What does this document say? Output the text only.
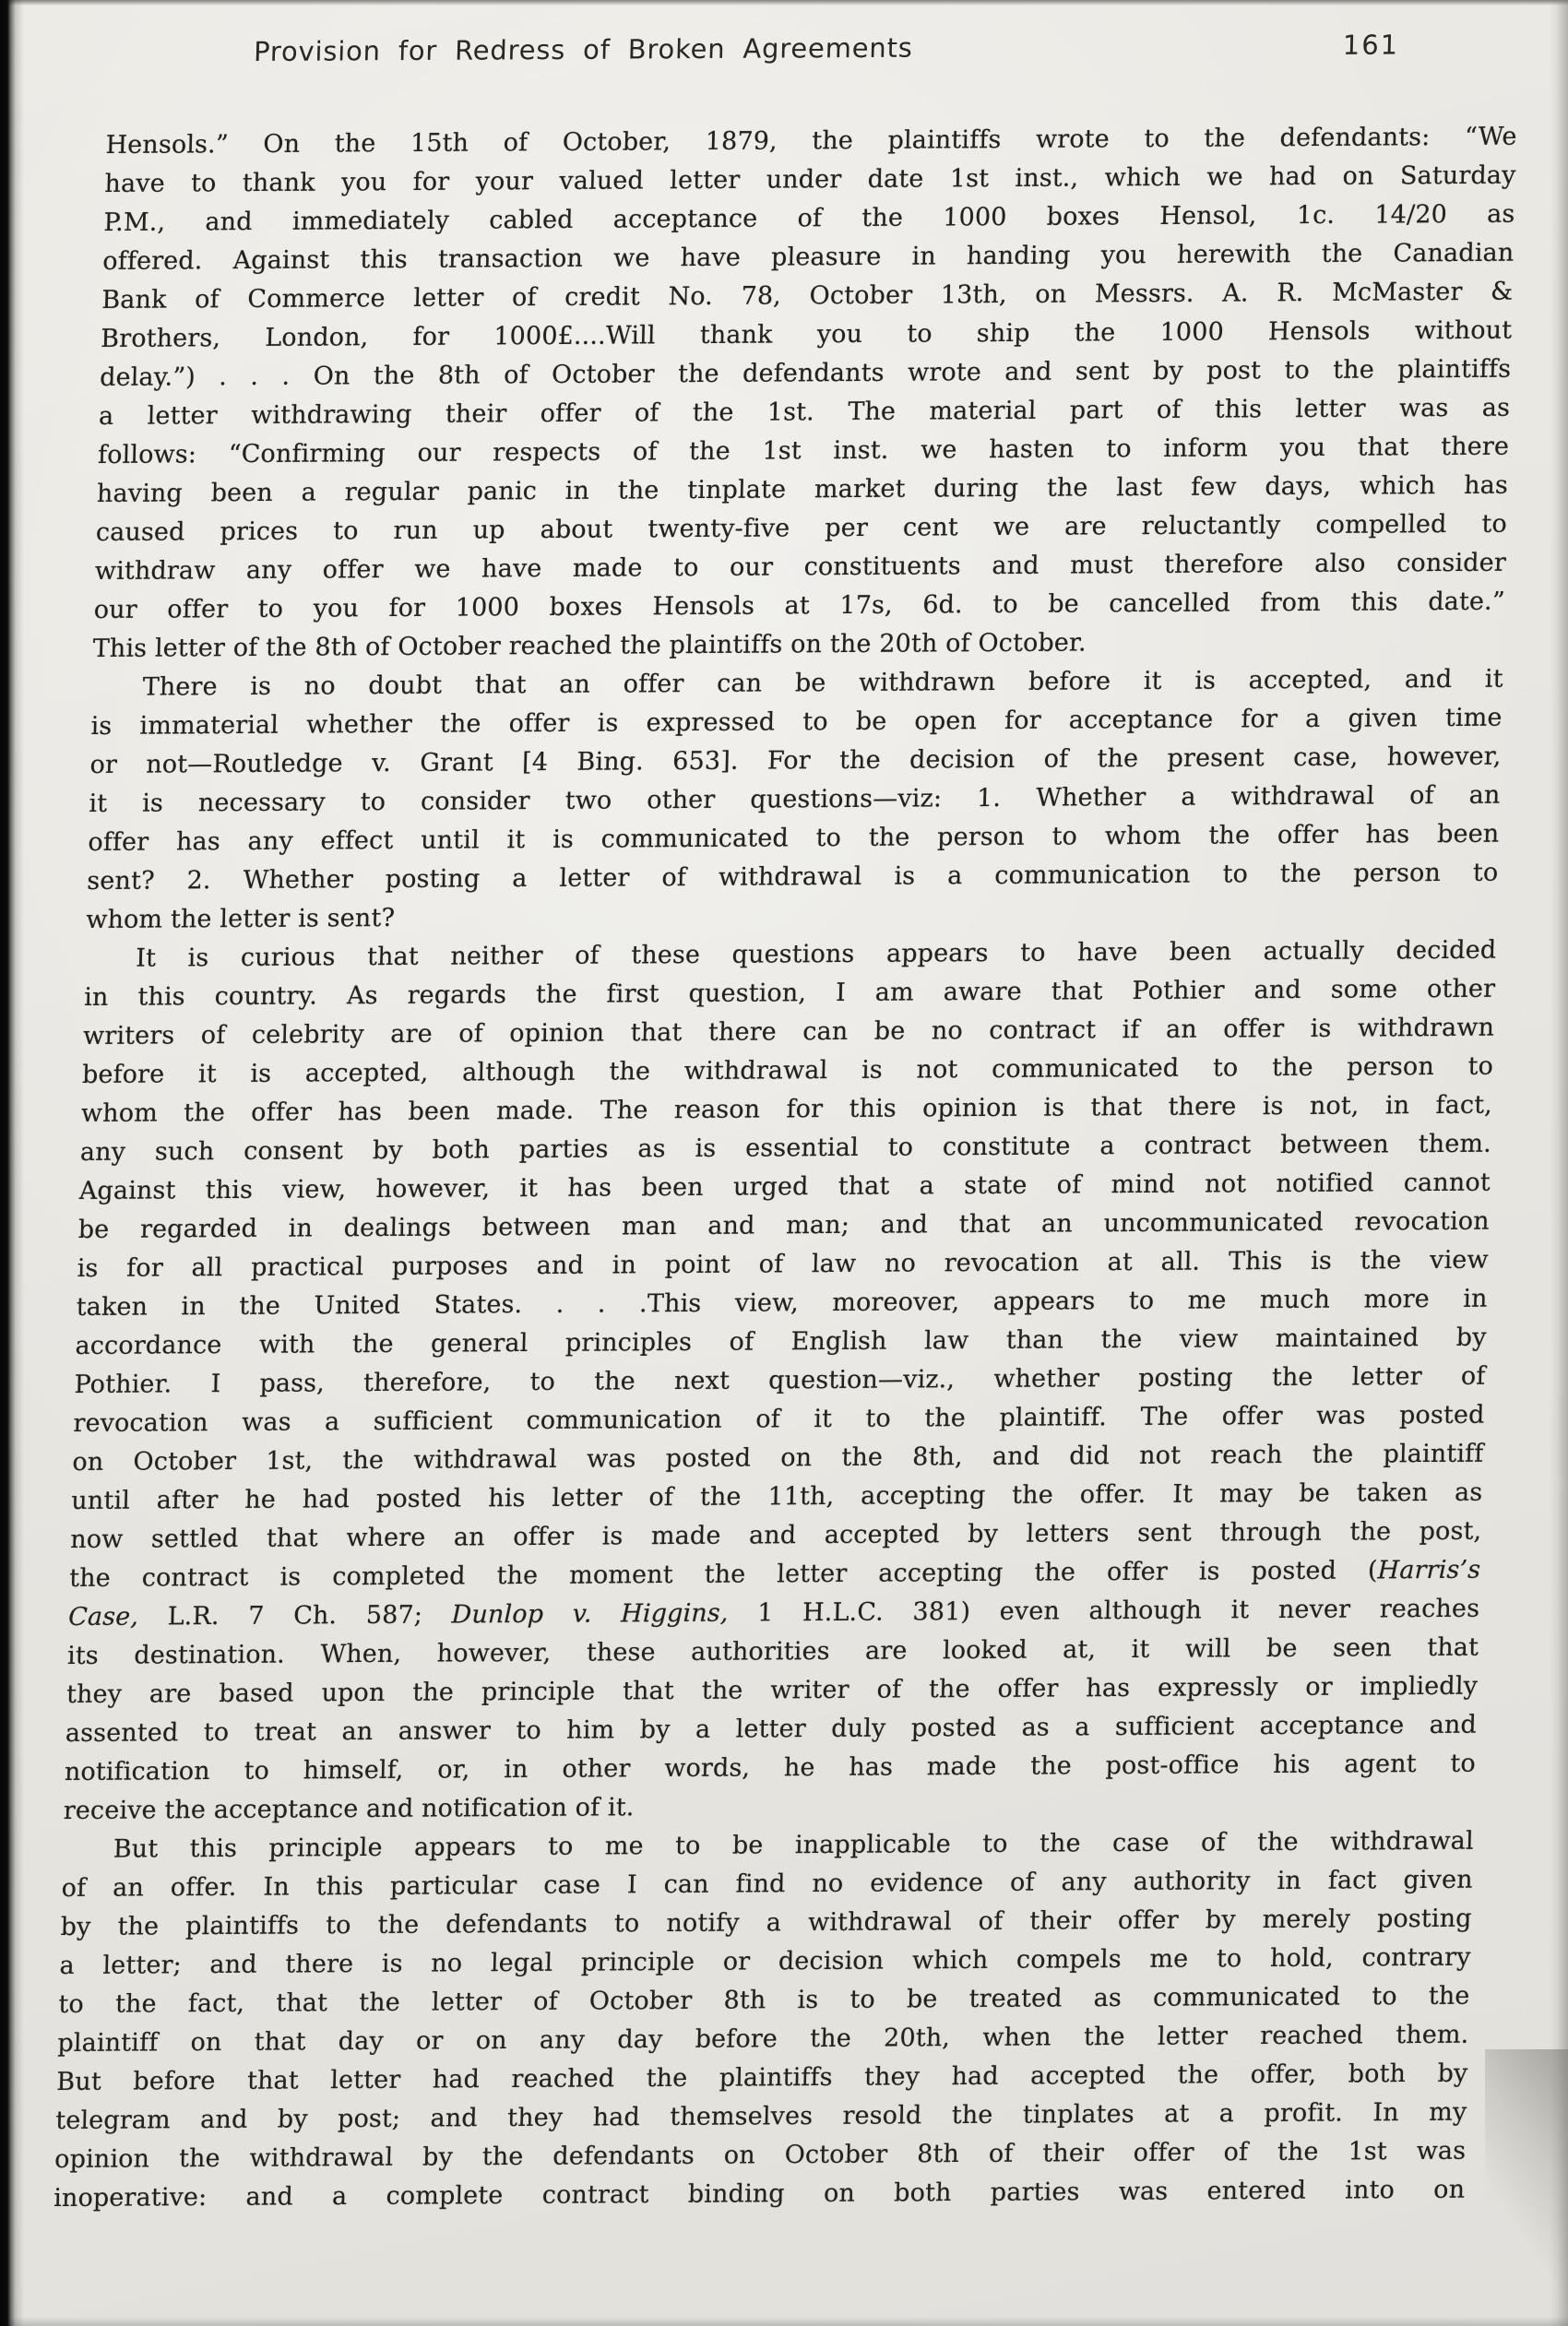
Provision for Redress of Broken Agreements	161
Hensols.” On the 15th of October, 1879, the plaintiffs wrote to the defendants: “We
have to thank you for your valued letter under date 1st inst., which we had on Saturday
P.M., and immediately cabled acceptance of the 1000 boxes Hensol, 1c. 14/20 as
offered. Against this transaction we have pleasure in handing you herewith the Canadian
Bank of Commerce letter of credit No. 78, October 13th, on Messrs. A. R. McMaster &
Brothers, London, for 1000£....Will thank you to ship the 1000 Hensols without
delay.”) . . . On the 8th of October the defendants wrote and sent by post to the plaintiffs
a letter withdrawing their offer of the 1st. The material part of this letter was as
follows: “Confirming our respects of the 1st inst. we hasten to inform you that there
having been a regular panic in the tinplate market during the last few days, which has
caused prices to run up about twenty-five per cent we are reluctantly compelled to
withdraw any offer we have made to our constituents and must therefore also consider
our offer to you for 1000 boxes Hensols at 17s, 6d. to be cancelled from this date.”
This letter of the 8th of October reached the plaintiffs on the 20th of October.
There is no doubt that an offer can be withdrawn before it is accepted, and it
is immaterial whether the offer is expressed to be open for acceptance for a given time
or not—Routledge v. Grant [4 Bing. 653]. For the decision of the present case, however,
it is necessary to consider two other questions—viz: 1. Whether a withdrawal of an
offer has any effect until it is communicated to the person to whom the offer has been
sent? 2. Whether posting a letter of withdrawal is a communication to the person to
whom the letter is sent?
It is curious that neither of these questions appears to have been actually decided
in this country. As regards the first question, I am aware that Pothier and some other
writers of celebrity are of opinion that there can be no contract if an offer is withdrawn
before it is accepted, although the withdrawal is not communicated to the person to
whom the offer has been made. The reason for this opinion is that there is not, in fact,
any such consent by both parties as is essential to constitute a contract between them.
Against this view, however, it has been urged that a state of mind not notified cannot
be regarded in dealings between man and man; and that an uncommunicated revocation
is for all practical purposes and in point of law no revocation at all. This is the view
taken in the United States. . . .This view, moreover, appears to me much more in
accordance with the general principles of English law than the view maintained by
Pothier. I pass, therefore, to the next question—viz., whether posting the letter of
revocation was a sufficient communication of it to the plaintiff. The offer was posted
on October 1st, the withdrawal was posted on the 8th, and did not reach the plaintiff
until after he had posted his letter of the 11th, accepting the offer. It may be taken as
now settled that where an offer is made and accepted by letters sent through the post,
the contract is completed the moment the letter accepting the offer is posted (Harris’s
Case, L.R. 7 Ch. 587; Dunlop v. Higgins, 1 H.L.C. 381) even although it never reaches
its destination. When, however, these authorities are looked at, it will be seen that
they are based upon the principle that the writer of the offer has expressly or impliedly
assented to treat an answer to him by a letter duly posted as a sufficient acceptance and
notification to himself, or, in other words, he has made the post-office his agent to
receive the acceptance and notification of it.
But this principle appears to me to be inapplicable to the case of the withdrawal
of an offer. In this particular case I can find no evidence of any authority in fact given
by the plaintiffs to the defendants to notify a withdrawal of their offer by merely posting
a letter; and there is no legal principle or decision which compels me to hold, contrary
to the fact, that the letter of October 8th is to be treated as communicated to the
plaintiff on that day or on any day before the 20th, when the letter reached them.
But before that letter had reached the plaintiffs they had accepted the offer, both by
telegram and by post; and they had themselves resold the tinplates at a profit. In my
opinion the withdrawal by the defendants on October 8th of their offer of the 1st was
inoperative: and a complete contract binding on both parties was entered into on
